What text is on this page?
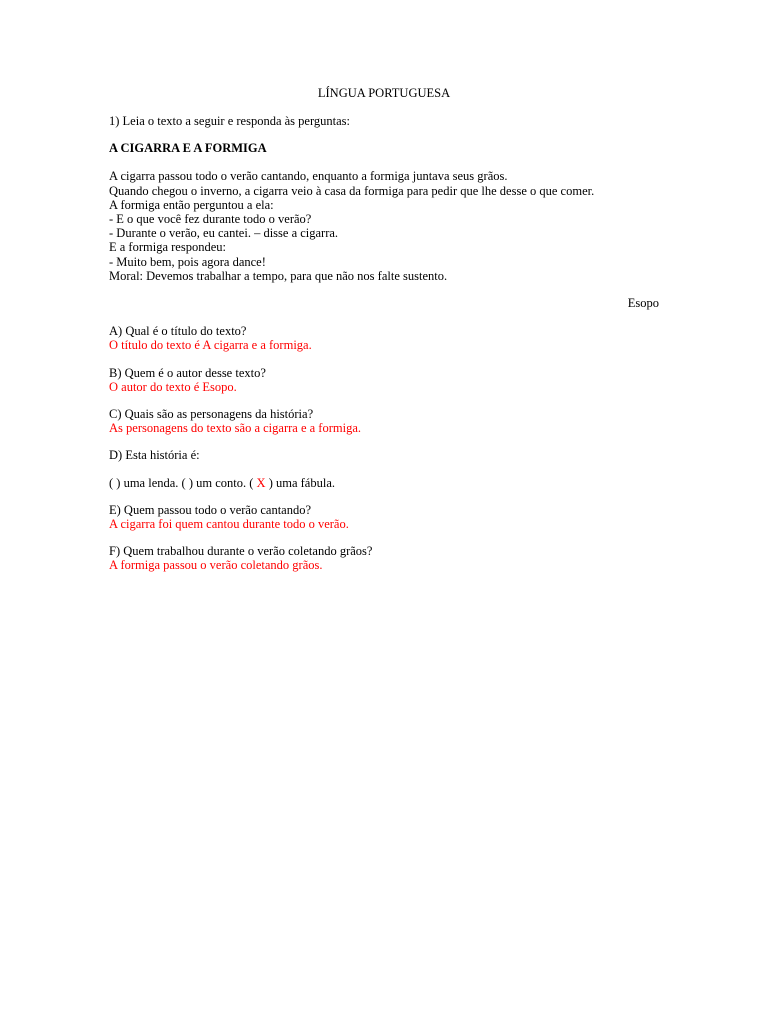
LÍNGUA PORTUGUESA

1) Leia o texto a seguir e responda às perguntas:

A CIGARRA E A FORMIGA

A cigarra passou todo o verão cantando, enquanto a formiga juntava seus grãos.

Quando chegou o inverno, a cigarra veio à casa da formiga para pedir que lhe desse o que comer.

A formiga então perguntou a ela:

- E o que você fez durante todo o verão?

- Durante o verão, eu cantei. – disse a cigarra.

E a formiga respondeu:

- Muito bem, pois agora dance!

Moral: Devemos trabalhar a tempo, para que não nos falte sustento.

Esopo

A) Qual é o título do texto?

O título do texto é A cigarra e a formiga.

B) Quem é o autor desse texto?

O autor do texto é Esopo.

C) Quais são as personagens da história?

As personagens do texto são a cigarra e a formiga.

D) Esta história é:

( ) uma lenda. ( ) um conto. ( X ) uma fábula.

E) Quem passou todo o verão cantando?

A cigarra foi quem cantou durante todo o verão.

F) Quem trabalhou durante o verão coletando grãos?

A formiga passou o verão coletando grãos.
